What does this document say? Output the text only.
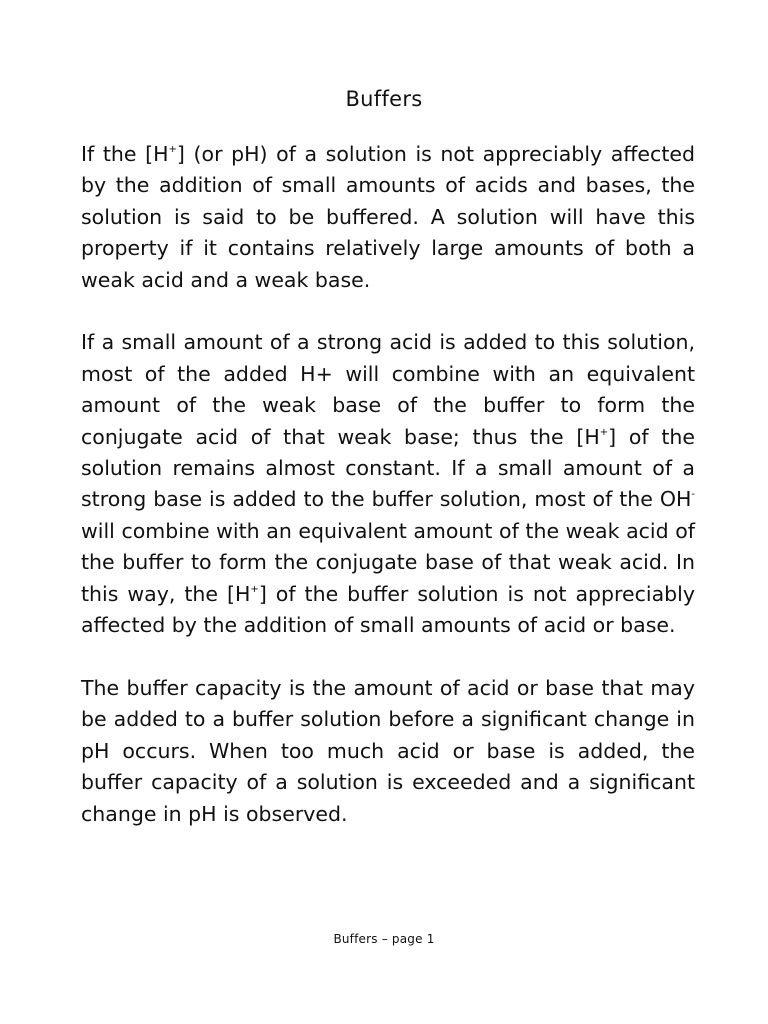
Buffers

If the [H+] (or pH) of a solution is not appreciably affected by the addition of small amounts of acids and bases, the solution is said to be buffered. A solution will have this property if it contains relatively large amounts of both a weak acid and a weak base.

If a small amount of a strong acid is added to this solution, most of the added H+ will combine with an equivalent amount of the weak base of the buffer to form the conjugate acid of that weak base; thus the [H+] of the solution remains almost constant. If a small amount of a strong base is added to the buffer solution, most of the OH- will combine with an equivalent amount of the weak acid of the buffer to form the conjugate base of that weak acid. In this way, the [H+] of the buffer solution is not appreciably affected by the addition of small amounts of acid or base.

The buffer capacity is the amount of acid or base that may be added to a buffer solution before a significant change in pH occurs. When too much acid or base is added, the buffer capacity of a solution is exceeded and a significant change in pH is observed.

Buffers – page 1
